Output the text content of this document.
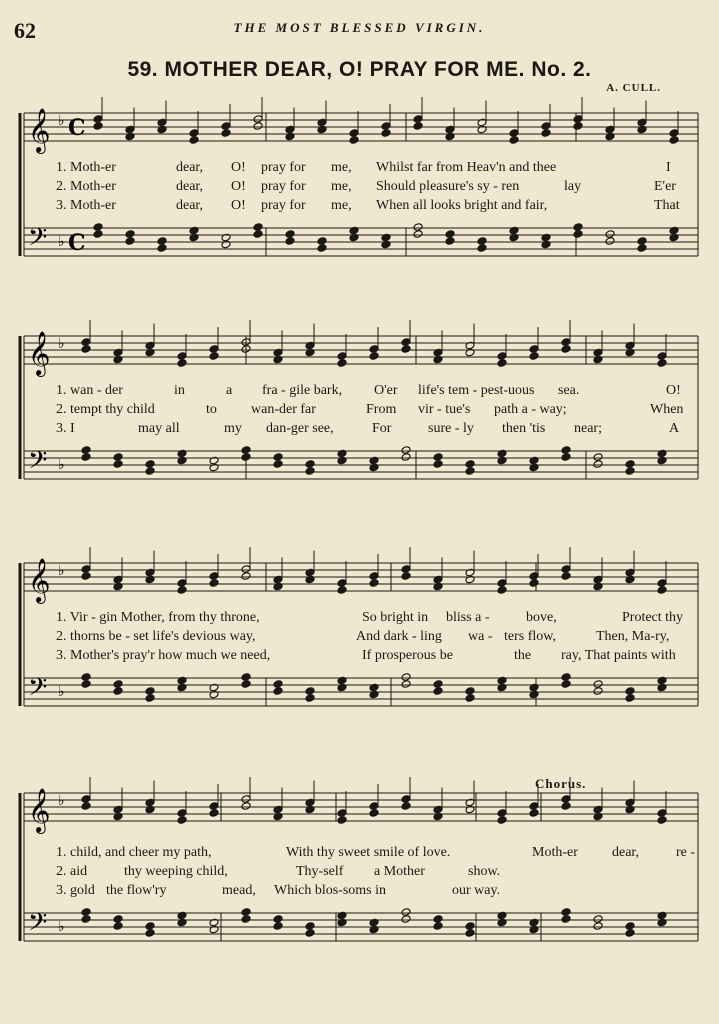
62	THE MOST BLESSED VIRGIN.
59. MOTHER DEAR, O! PRAY FOR ME. No. 2.
A. CULL.
Chorus.
𝄞
𝄢
♭
♭
C
C
1. Moth-er	dear, O! pray for me, Whilst far from Heav'n and thee	I
2. Moth-er	dear, O! pray for me, Should pleasure's sy - ren	lay	E'er
3. Moth-er	dear, O! pray for me, When all looks bright and fair,	That
𝄞
𝄢
♭
♭
1. wan - der	in	a fra - gile bark, O'er life's tem - pest-uous sea.	O!
2. tempt thy child	to wan-der far	From vir - tue's path a - way;	When
3. I	may all	my dan-ger see,	For	sure - ly then 'tis near;	A
𝄞
𝄢
♭
♭
1. Vir - gin Mother, from thy throne,	So bright in bliss a -	bove,	Protect thy
2. thorns be - set life's devious way,	And dark - ling wa - ters flow,	Then, Ma-ry,
3. Mother's pray'r how much we need,	If prosperous be	the ray, That paints with
𝄞
𝄢
♭
♭
1. child, and cheer my path,	With thy sweet smile of love.	Moth-er dear,	re -
2. aid	thy weeping child,	Thy-self a Mother	show.
3. gold the flow'ry	mead, Which blos-soms in	our way.
